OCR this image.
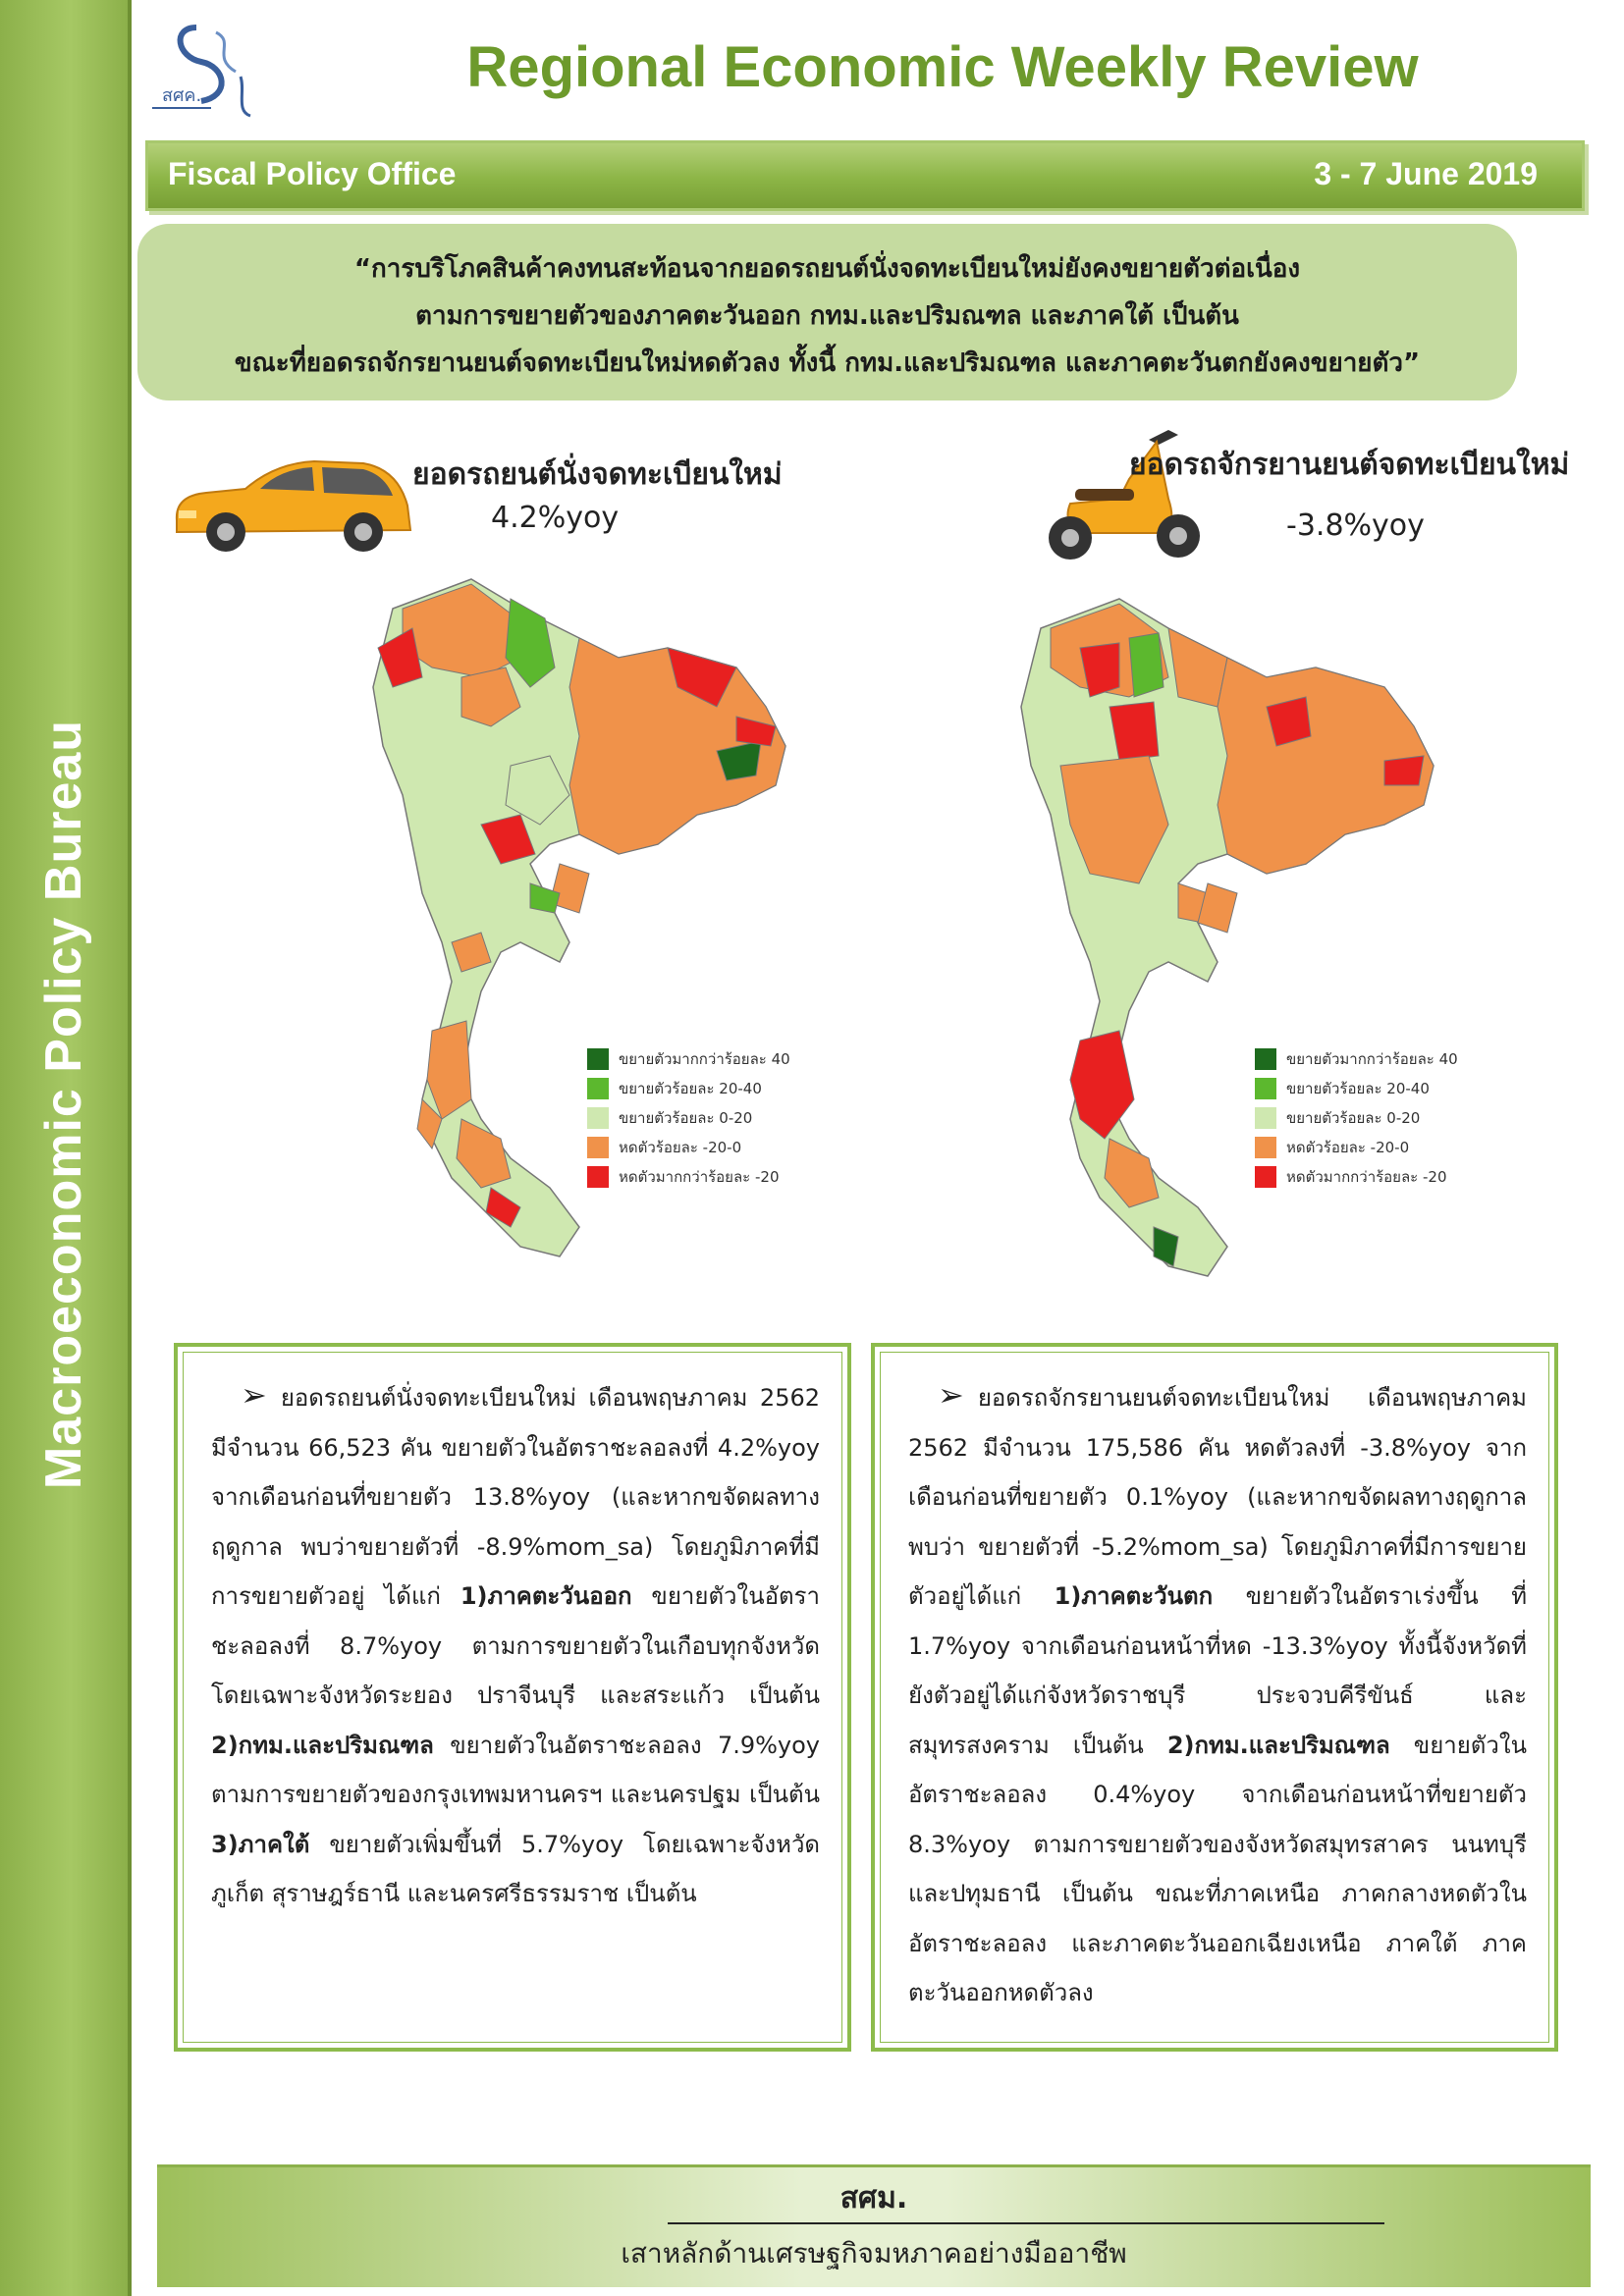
Macroeconomic Policy Bureau
สศค.	Regional Economic Weekly Review
Fiscal Policy Office	3 - 7 June 2019
“การบริโภคสินค้าคงทนสะท้อนจากยอดรถยนต์นั่งจดทะเบียนใหม่ยังคงขยายตัวต่อเนื่อง
ตามการขยายตัวของภาคตะวันออก กทม.และปริมณฑล และภาคใต้ เป็นต้น
ขณะที่ยอดรถจักรยานยนต์จดทะเบียนใหม่หดตัวลง ทั้งนี้ กทม.และปริมณฑล และภาคตะวันตกยังคงขยายตัว”
ยอดรถยนต์นั่งจดทะเบียนใหม่
4.2%yoy
ยอดรถจักรยานยนต์จดทะเบียนใหม่
-3.8%yoy
ขยายตัวมากกว่าร้อยละ 40
ขยายตัวร้อยละ 20-40
ขยายตัวร้อยละ 0-20
หดตัวร้อยละ -20-0
หดตัวมากกว่าร้อยละ -20
ขยายตัวมากกว่าร้อยละ 40
ขยายตัวร้อยละ 20-40
ขยายตัวร้อยละ 0-20
หดตัวร้อยละ -20-0
หดตัวมากกว่าร้อยละ -20
➢ ยอดรถยนต์นั่งจดทะเบียนใหม่ เดือนพฤษภาคม 2562 มีจำนวน 66,523 คัน ขยายตัวในอัตราชะลอลงที่ 4.2%yoy จากเดือนก่อนที่ขยายตัว 13.8%yoy (และหากขจัดผลทางฤดูกาล พบว่าขยายตัวที่ -8.9%mom_sa) โดยภูมิภาคที่มีการขยายตัวอยู่ ได้แก่ 1)ภาคตะวันออก ขยายตัวในอัตราชะลอลงที่ 8.7%yoy ตามการขยายตัวในเกือบทุกจังหวัด โดยเฉพาะจังหวัดระยอง ปราจีนบุรี และสระแก้ว เป็นต้น 2)กทม.และปริมณฑล ขยายตัวในอัตราชะลอลง 7.9%yoy ตามการขยายตัวของกรุงเทพมหานครฯ และนครปฐม เป็นต้น 3)ภาคใต้ ขยายตัวเพิ่มขึ้นที่ 5.7%yoy โดยเฉพาะจังหวัดภูเก็ต สุราษฎร์ธานี และนครศรีธรรมราช เป็นต้น
➢ ยอดรถจักรยานยนต์จดทะเบียนใหม่ เดือนพฤษภาคม 2562 มีจำนวน 175,586 คัน หดตัวลงที่ -3.8%yoy จากเดือนก่อนที่ขยายตัว 0.1%yoy (และหากขจัดผลทางฤดูกาล พบว่า ขยายตัวที่ -5.2%mom_sa) โดยภูมิภาคที่มีการขยายตัวอยู่ได้แก่ 1)ภาคตะวันตก ขยายตัวในอัตราเร่งขึ้น ที่ 1.7%yoy จากเดือนก่อนหน้าที่หด -13.3%yoy ทั้งนี้จังหวัดที่ยังตัวอยู่ได้แก่จังหวัดราชบุรี ประจวบคีรีขันธ์ และสมุทรสงคราม เป็นต้น 2)กทม.และปริมณฑล ขยายตัวในอัตราชะลอลง 0.4%yoy จากเดือนก่อนหน้าที่ขยายตัว 8.3%yoy ตามการขยายตัวของจังหวัดสมุทรสาคร นนทบุรี และปทุมธานี เป็นต้น ขณะที่ภาคเหนือ ภาคกลางหดตัวในอัตราชะลอลง และภาคตะวันออกเฉียงเหนือ ภาคใต้ ภาคตะวันออกหดตัวลง
สศม.
เสาหลักด้านเศรษฐกิจมหภาคอย่างมืออาชีพ
